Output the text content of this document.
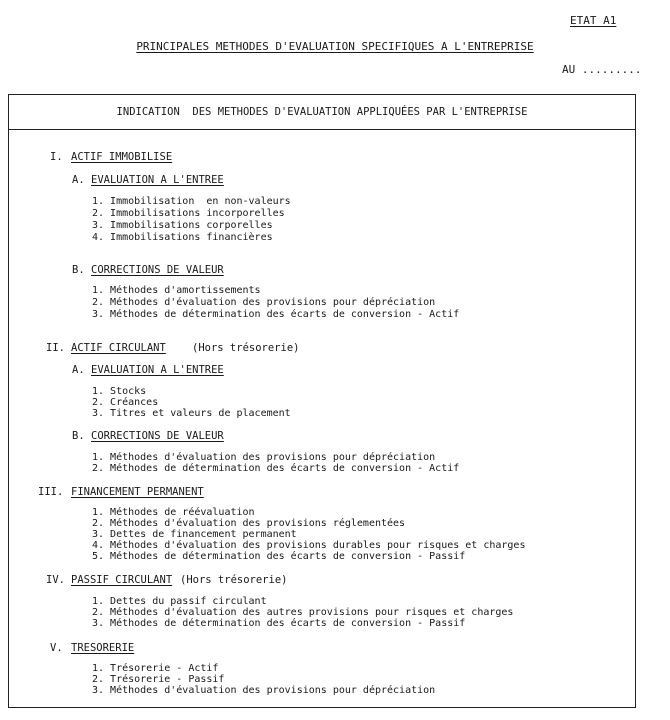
ETAT A1
PRINCIPALES METHODES D'EVALUATION SPECIFIQUES A L'ENTREPRISE
AU .........
INDICATION  DES METHODES D'EVALUATION APPLIQUÉES PAR L'ENTREPRISE
I. ACTIF IMMOBILISE
A. EVALUATION A L'ENTREE
1. Immobilisation  en non-valeurs
2. Immobilisations incorporelles
3. Immobilisations corporelles
4. Immobilisations financières
B. CORRECTIONS DE VALEUR
1. Méthodes d'amortissements
2. Méthodes d'évaluation des provisions pour dépréciation
3. Méthodes de détermination des écarts de conversion - Actif
II. ACTIF CIRCULANT (Hors trésorerie)
A. EVALUATION A L'ENTREE
1. Stocks
2. Créances
3. Titres et valeurs de placement
B. CORRECTIONS DE VALEUR
1. Méthodes d'évaluation des provisions pour dépréciation
2. Méthodes de détermination des écarts de conversion - Actif
III. FINANCEMENT PERMANENT
1. Méthodes de réévaluation
2. Méthodes d'évaluation des provisions réglementées
3. Dettes de financement permanent
4. Méthodes d'évaluation des provisions durables pour risques et charges
5. Méthodes de détermination des écarts de conversion - Passif
IV. PASSIF CIRCULANT (Hors trésorerie)
1. Dettes du passif circulant
2. Méthodes d'évaluation des autres provisions pour risques et charges
3. Méthodes de détermination des écarts de conversion - Passif
V. TRESORERIE
1. Trésorerie - Actif
2. Trésorerie - Passif
3. Méthodes d'évaluation des provisions pour dépréciation
